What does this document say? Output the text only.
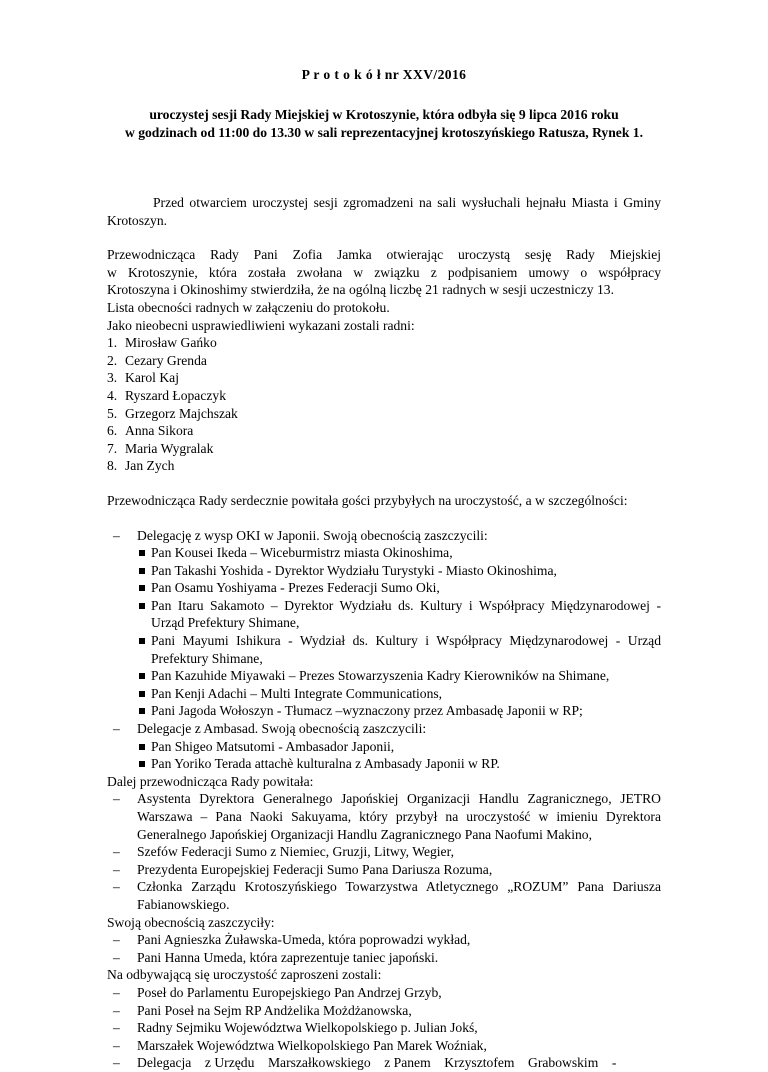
P r o t o k ó ł nr XXV/2016
uroczystej sesji Rady Miejskiej w Krotoszynie, która odbyła się 9 lipca 2016 roku
w godzinach od 11:00 do 13.30 w sali reprezentacyjnej krotoszyńskiego Ratusza, Rynek 1.

Przed otwarciem uroczystej sesji zgromadzeni na sali wysłuchali hejnału Miasta i Gminy Krotoszyn.

Przewodnicząca Rady Pani Zofia Jamka otwierając uroczystą sesję Rady Miejskiej
w Krotoszynie, która została zwołana w związku z podpisaniem umowy o współpracy
Krotoszyna i Okinoshimy stwierdziła, że na ogólną liczbę 21 radnych w sesji uczestniczy 13.
Lista obecności radnych w załączeniu do protokołu.
Jako nieobecni usprawiedliwieni wykazani zostali radni:
1. Mirosław Gańko
2. Cezary Grenda
3. Karol Kaj
4. Ryszard Łopaczyk
5. Grzegorz Majchszak
6. Anna Sikora
7. Maria Wygralak
8. Jan Zych
Przewodnicząca Rady serdecznie powitała gości przybyłych na uroczystość, a w szczególności:
–	Delegację z wysp OKI w Japonii. Swoją obecnością zaszczycili:
Pan Kousei Ikeda – Wiceburmistrz miasta Okinoshima,
Pan Takashi Yoshida - Dyrektor Wydziału Turystyki - Miasto Okinoshima,
Pan Osamu Yoshiyama - Prezes Federacji Sumo Oki,
Pan Itaru Sakamoto – Dyrektor Wydziału ds. Kultury i Współpracy Międzynarodowej - Urząd Prefektury Shimane,
Pani Mayumi Ishikura - Wydział ds. Kultury i Współpracy Międzynarodowej - Urząd Prefektury Shimane,
Pan Kazuhide Miyawaki – Prezes Stowarzyszenia Kadry Kierowników na Shimane,
Pan Kenji Adachi – Multi Integrate Communications,
Pani Jagoda Wołoszyn - Tłumacz –wyznaczony przez Ambasadę Japonii w RP;
–	Delegacje z Ambasad. Swoją obecnością zaszczycili:
Pan Shigeo Matsutomi - Ambasador Japonii,
Pan Yoriko Terada attachè kulturalna z Ambasady Japonii w RP.
Dalej przewodnicząca Rady powitała:
–	Asystenta Dyrektora Generalnego Japońskiej Organizacji Handlu Zagranicznego, JETRO Warszawa – Pana Naoki Sakuyama, który przybył na uroczystość w imieniu Dyrektora Generalnego Japońskiej Organizacji Handlu Zagranicznego Pana Naofumi Makino,
–	Szefów Federacji Sumo z Niemiec, Gruzji, Litwy, Wegier,
–	Prezydenta Europejskiej Federacji Sumo Pana Dariusza Rozuma,
–	Członka Zarządu Krotoszyńskiego Towarzystwa Atletycznego „ROZUM” Pana Dariusza Fabianowskiego.
Swoją obecnością zaszczyciły:
–	Pani Agnieszka Żuławska-Umeda, która poprowadzi wykład,
–	Pani Hanna Umeda, która zaprezentuje taniec japoński.
Na odbywającą się uroczystość zaproszeni zostali:
–	Poseł do Parlamentu Europejskiego Pan Andrzej Grzyb,
–	Pani Poseł na Sejm RP Andżelika Możdżanowska,
–	Radny Sejmiku Województwa Wielkopolskiego p. Julian Jokś,
–	Marszałek Województwa Wielkopolskiego Pan Marek Woźniak,
–	Delegacja    z Urzędu    Marszałkowskiego    z Panem    Krzysztofem    Grabowskim    -
